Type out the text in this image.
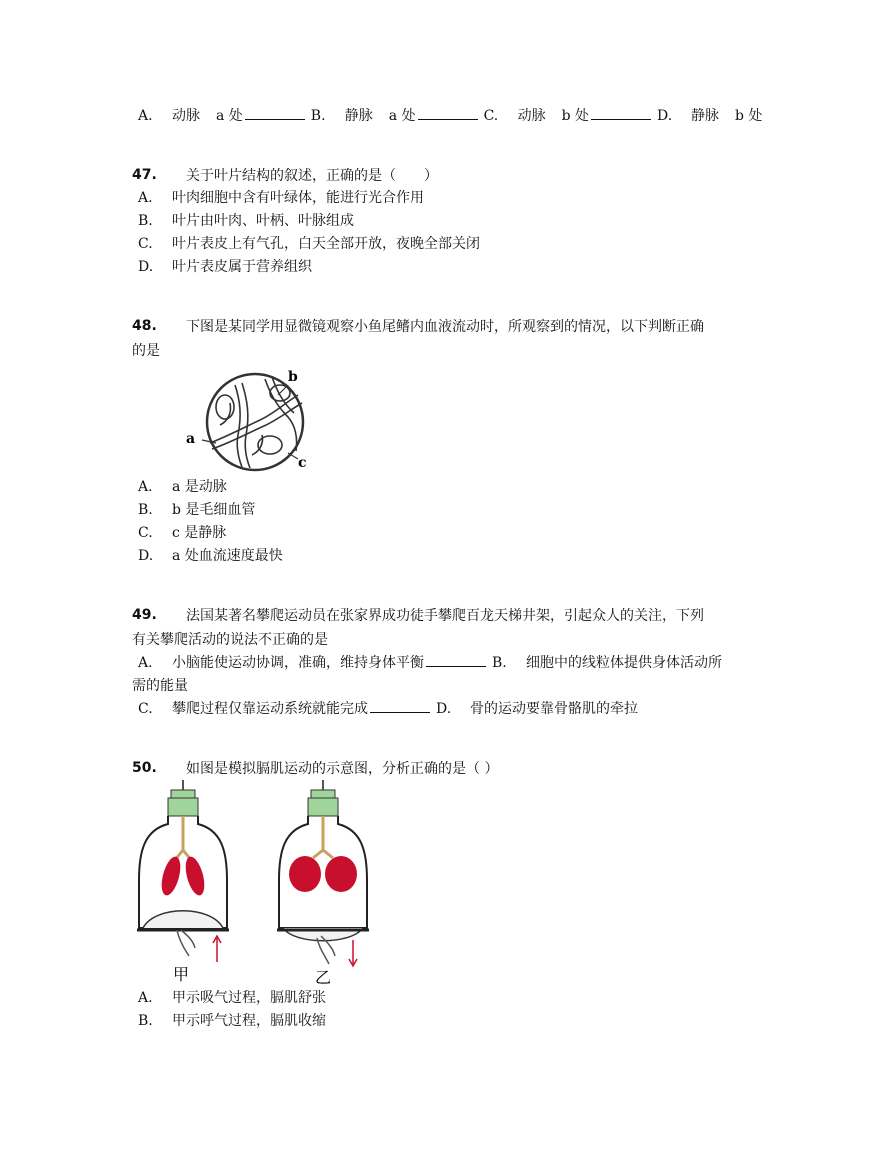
A. 动脉 a 处	B. 静脉 a 处	C. 动脉 b 处	D. 静脉 b 处
47. 关于叶片结构的叙述，正确的是（　　）
A. 叶肉细胞中含有叶绿体，能进行光合作用
B. 叶片由叶肉、叶柄、叶脉组成
C. 叶片表皮上有气孔，白天全部开放，夜晚全部关闭
D. 叶片表皮属于营养组织
48. 下图是某同学用显微镜观察小鱼尾鳍内血液流动时，所观察到的情况，以下判断正确
的是
b
a
c
A. a 是动脉
B. b 是毛细血管
C. c 是静脉
D. a 处血流速度最快
49. 法国某著名攀爬运动员在张家界成功徒手攀爬百龙天梯井架，引起众人的关注，下列
有关攀爬活动的说法不正确的是
A. 小脑能使运动协调，准确，维持身体平衡	B. 细胞中的线粒体提供身体活动所
需的能量
C. 攀爬过程仅靠运动系统就能完成	D. 骨的运动要靠骨骼肌的牵拉
50. 如图是模拟膈肌运动的示意图，分析正确的是（ ）
甲	乙
A. 甲示吸气过程，膈肌舒张
B. 甲示呼气过程，膈肌收缩
